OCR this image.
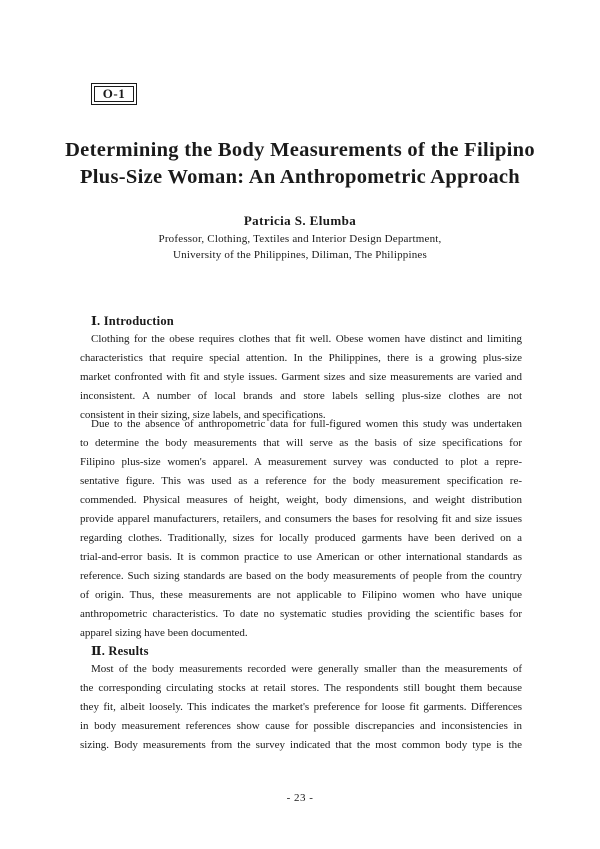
O-1
Determining the Body Measurements of the Filipino
Plus-Size Woman: An Anthropometric Approach
Patricia S. Elumba
Professor, Clothing, Textiles and Interior Design Department,
University of the Philippines, Diliman, The Philippines
Ⅰ. Introduction
Clothing for the obese requires clothes that fit well. Obese women have distinct and limiting
characteristics that require special attention. In the Philippines, there is a growing plus-size
market confronted with fit and style issues. Garment sizes and size measurements are varied and
inconsistent. A number of local brands and store labels selling plus-size clothes are not
consistent in their sizing, size labels, and specifications.
Due to the absence of anthropometric data for full-figured women this study was undertaken
to determine the body measurements that will serve as the basis of size specifications for
Filipino plus-size women's apparel. A measurement survey was conducted to plot a repre-
sentative figure. This was used as a reference for the body measurement specification re-
commended. Physical measures of height, weight, body dimensions, and weight distribution
provide apparel manufacturers, retailers, and consumers the bases for resolving fit and size issues
regarding clothes. Traditionally, sizes for locally produced garments have been derived on a
trial-and-error basis. It is common practice to use American or other international standards as
reference. Such sizing standards are based on the body measurements of people from the country
of origin. Thus, these measurements are not applicable to Filipino women who have unique
anthropometric characteristics. To date no systematic studies providing the scientific bases for
apparel sizing have been documented.
Ⅱ. Results
Most of the body measurements recorded were generally smaller than the measurements of
the corresponding circulating stocks at retail stores. The respondents still bought them because
they fit, albeit loosely. This indicates the market's preference for loose fit garments. Differences
in body measurement references show cause for possible discrepancies and inconsistencies in
sizing. Body measurements from the survey indicated that the most common body type is the
- 23 -
